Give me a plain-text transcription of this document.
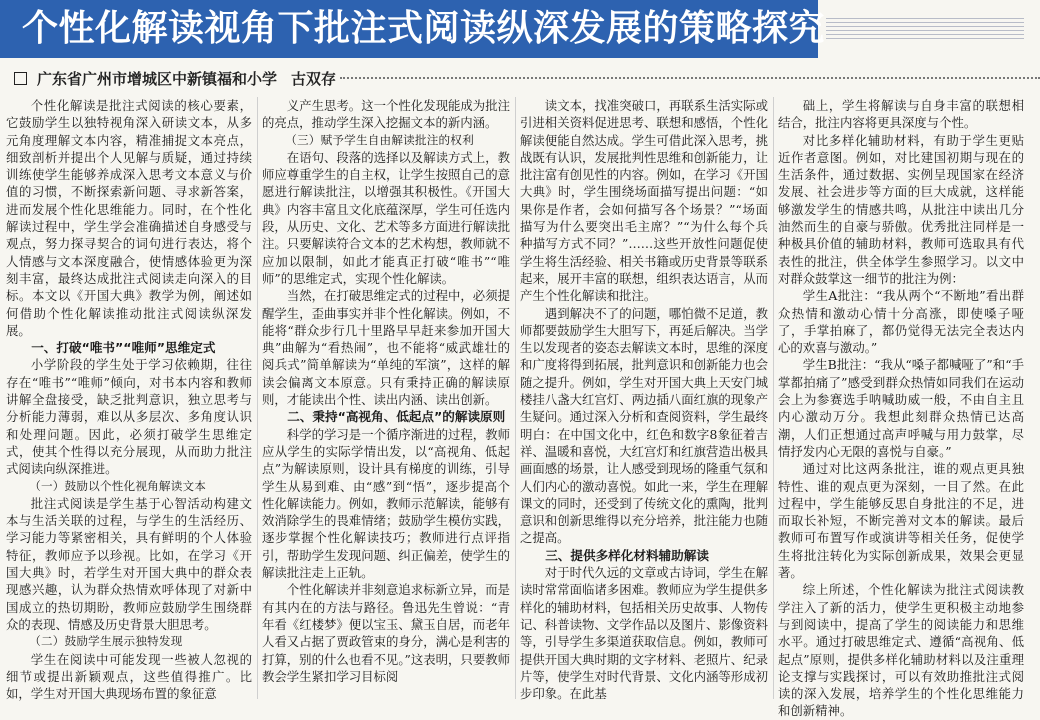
个性化解读视角下批注式阅读纵深发展的策略探究
广东省广州市增城区中新镇福和小学 古双存

个性化解读是批注式阅读的核心要素，它鼓励学生以独特视角深入研读文本，从多元角度理解文本内容，精准捕捉文本亮点，细致剖析并提出个人见解与质疑，通过持续训练使学生能够养成深入思考文本意义与价值的习惯，不断探索新问题、寻求新答案，进而发展个性化思维能力。同时，在个性化解读过程中，学生学会准确描述自身感受与观点，努力探寻契合的词句进行表达，将个人情感与文本深度融合，使情感体验更为深刻丰富，最终达成批注式阅读走向深入的目标。本文以《开国大典》教学为例，阐述如何借助个性化解读推动批注式阅读纵深发展。

一、打破“唯书”“唯师”思维定式

小学阶段的学生处于学习依赖期，往往存在“唯书”“唯师”倾向，对书本内容和教师讲解全盘接受，缺乏批判意识，独立思考与分析能力薄弱，难以从多层次、多角度认识和处理问题。因此，必须打破学生思维定式，使其个性得以充分展现，从而助力批注式阅读向纵深推进。

（一）鼓励以个性化视角解读文本

批注式阅读是学生基于心智活动构建文本与生活关联的过程，与学生的生活经历、学习能力等紧密相关，具有鲜明的个人体验特征，教师应予以珍视。比如，在学习《开国大典》时，若学生对开国大典中的群众表现感兴趣，认为群众热情欢呼体现了对新中国成立的热切期盼，教师应鼓励学生围绕群众的表现、情感及历史背景大胆思考。

（二）鼓励学生展示独特发现

学生在阅读中可能发现一些被人忽视的细节或提出新颖观点，这些值得推广。比如，学生对开国大典现场布置的象征意

义产生思考。这一个性化发现能成为批注的亮点，推动学生深入挖掘文本的新内涵。

（三）赋予学生自由解读批注的权利

在语句、段落的选择以及解读方式上，教师应尊重学生的自主权，让学生按照自己的意愿进行解读批注，以增强其积极性。《开国大典》内容丰富且文化底蕴深厚，学生可任选内段，从历史、文化、艺术等多方面进行解读批注。只要解读符合文本的艺术构想，教师就不应加以限制，如此才能真正打破“唯书”“唯师”的思维定式，实现个性化解读。

当然，在打破思维定式的过程中，必须提醒学生，歪曲事实并非个性化解读。例如，不能将“群众步行几十里路早早赶来参加开国大典”曲解为“看热闹”，也不能将“威武雄壮的阅兵式”简单解读为“单纯的军演”，这样的解读会偏离文本原意。只有秉持正确的解读原则，才能读出个性、读出内涵、读出创新。

二、秉持“高视角、低起点”的解读原则

科学的学习是一个循序渐进的过程，教师应从学生的实际学情出发，以“高视角、低起点”为解读原则，设计具有梯度的训练，引导学生从易到难、由“感”到“悟”，逐步提高个性化解读能力。例如，教师示范解读，能够有效消除学生的畏难情绪；鼓励学生模仿实践，逐步掌握个性化解读技巧；教师进行点评指引，帮助学生发现问题、纠正偏差，使学生的解读批注走上正轨。

个性化解读并非刻意追求标新立异，而是有其内在的方法与路径。鲁迅先生曾说：“青年看《红楼梦》便以宝玉、黛玉自居，而老年人看又占据了贾政管束的身分，满心是利害的打算，别的什么也看不见。”这表明，只要教师教会学生紧扣学习目标阅

读文本，找准突破口，再联系生活实际或引进相关资料促进思考、联想和感悟，个性化解读便能自然达成。学生可借此深入思考，挑战既有认识，发展批判性思维和创新能力，让批注富有创见性的内容。例如，在学习《开国大典》时，学生围绕场面描写提出问题：“如果你是作者，会如何描写各个场景？”“场面描写为什么要突出毛主席？”“为什么每个兵种描写方式不同？”……这些开放性问题促使学生将生活经验、相关书籍或历史背景等联系起来，展开丰富的联想，组织表达语言，从而产生个性化解读和批注。

遇到解决不了的问题，哪怕微不足道，教师都要鼓励学生大胆写下，再延后解决。当学生以发现者的姿态去解读文本时，思维的深度和广度将得到拓展，批判意识和创新能力也会随之提升。例如，学生对开国大典上天安门城楼挂八盏大红宫灯、两边插八面红旗的现象产生疑问。通过深入分析和查阅资料，学生最终明白：在中国文化中，红色和数字8象征着吉祥、温暖和喜悦，大红宫灯和红旗营造出极具画面感的场景，让人感受到现场的隆重气氛和人们内心的激动喜悦。如此一来，学生在理解课文的同时，还受到了传统文化的熏陶，批判意识和创新思维得以充分培养，批注能力也随之提高。

三、提供多样化材料辅助解读

对于时代久远的文章或古诗词，学生在解读时常常面临诸多困难。教师应为学生提供多样化的辅助材料，包括相关历史故事、人物传记、科普读物、文学作品以及图片、影像资料等，引导学生多渠道获取信息。例如，教师可提供开国大典时期的文字材料、老照片、纪录片等，使学生对时代背景、文化内涵等形成初步印象。在此基

础上，学生将解读与自身丰富的联想相结合，批注内容将更具深度与个性。

对比多样化辅助材料，有助于学生更贴近作者意图。例如，对比建国初期与现在的生活条件，通过数据、实例呈现国家在经济发展、社会进步等方面的巨大成就，这样能够激发学生的情感共鸣，从批注中读出几分油然而生的自豪与骄傲。优秀批注同样是一种极具价值的辅助材料，教师可选取具有代表性的批注，供全体学生参照学习。以文中对群众鼓掌这一细节的批注为例：

学生A批注：“我从两个“不断地”看出群众热情和激动心情十分高涨，即使嗓子哑了，手掌拍麻了，都仍觉得无法完全表达内心的欢喜与激动。”

学生B批注：“我从“嗓子都喊哑了”和“手掌都拍痛了”感受到群众热情如同我们在运动会上为参赛选手呐喊助威一般，不由自主且内心激动万分。我想此刻群众热情已达高潮，人们正想通过高声呼喊与用力鼓掌，尽情抒发内心无限的喜悦与自豪。”

通过对比这两条批注，谁的观点更具独特性、谁的观点更为深刻，一目了然。在此过程中，学生能够反思自身批注的不足，进而取长补短，不断完善对文本的解读。最后教师可布置写作或演讲等相关任务，促使学生将批注转化为实际创新成果，效果会更显著。

综上所述，个性化解读为批注式阅读教学注入了新的活力，使学生更积极主动地参与到阅读中，提高了学生的阅读能力和思维水平。通过打破思维定式、遵循“高视角、低起点”原则，提供多样化辅助材料以及注重理论支撑与实践探讨，可以有效助推批注式阅读的深入发展，培养学生的个性化思维能力和创新精神。
